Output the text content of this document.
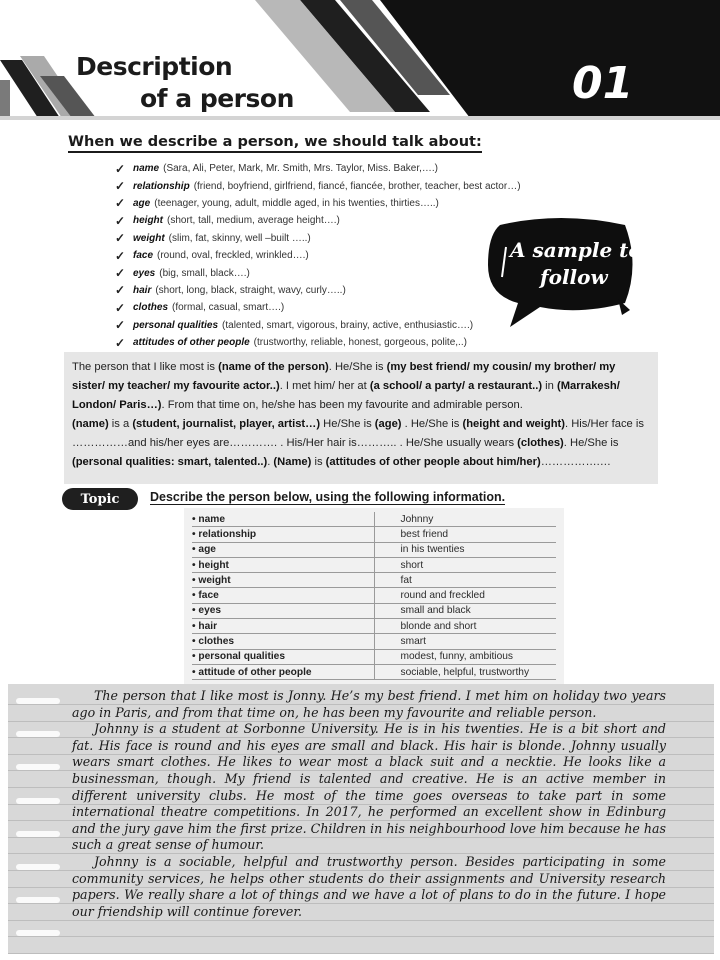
Description
of a person	01
When we describe a person, we should talk about:
✓ name (Sara, Ali, Peter, Mark, Mr. Smith, Mrs. Taylor, Miss. Baker,….)
✓ relationship (friend, boyfriend, girlfriend, fiancé, fiancée, brother, teacher, best actor…)
✓ age (teenager, young, adult, middle aged, in his twenties, thirties…..)
✓ height (short, tall, medium, average height….)
✓ weight (slim, fat, skinny, well –built …..)
✓ face (round, oval, freckled, wrinkled….)
✓ eyes (big, small, black….)
✓ hair (short, long, black, straight, wavy, curly…..)
✓ clothes (formal, casual, smart….)
✓ personal qualities (talented, smart, vigorous, brainy, active, enthusiastic….)
✓ attitudes of other people (trustworthy, reliable, honest, gorgeous, polite,..)
A sample to
follow
The person that I like most is (name of the person). He/She is (my best friend/ my cousin/ my brother/ my sister/ my teacher/ my favourite actor..). I met him/ her at (a school/ a party/ a restaurant..) in (Marrakesh/ London/ Paris…). From that time on, he/she has been my favourite and admirable person.
(name) is a (student, journalist, player, artist…) He/She is (age) . He/She is (height and weight). His/Her face is ……………and his/her eyes are…………. . His/Her hair is……….. . He/She usually wears (clothes). He/She is (personal qualities: smart, talented..). (Name) is (attitudes of other people about him/her)…………….…
Topic	Describe the person below, using the following information.
• name	Johnny
• relationship	best friend
• age	in his twenties
• height	short
• weight	fat
• face	round and freckled
• eyes	small and black
• hair	blonde and short
• clothes	smart
• personal qualities	modest, funny, ambitious
• attitude of other people	sociable, helpful, trustworthy

The person that I like most is Jonny. He’s my best friend. I met him on holiday two years ago in Paris, and from that time on, he has been my favourite and reliable person.

Johnny is a student at Sorbonne University. He is in his twenties. He is a bit short and fat. His face is round and his eyes are small and black. His hair is blonde. Johnny usually wears smart clothes. He likes to wear most a black suit and a necktie. He looks like a businessman, though. My friend is talented and creative. He is an active member in different university clubs. He most of the time goes overseas to take part in some international theatre competitions. In 2017, he performed an excellent show in Edinburg and the jury gave him the first prize. Children in his neighbourhood love him because he has such a great sense of humour.

Johnny is a sociable, helpful and trustworthy person. Besides participating in some community services, he helps other students do their assignments and University research papers. We really share a lot of things and we have a lot of plans to do in the future. I hope our friendship will continue forever.
